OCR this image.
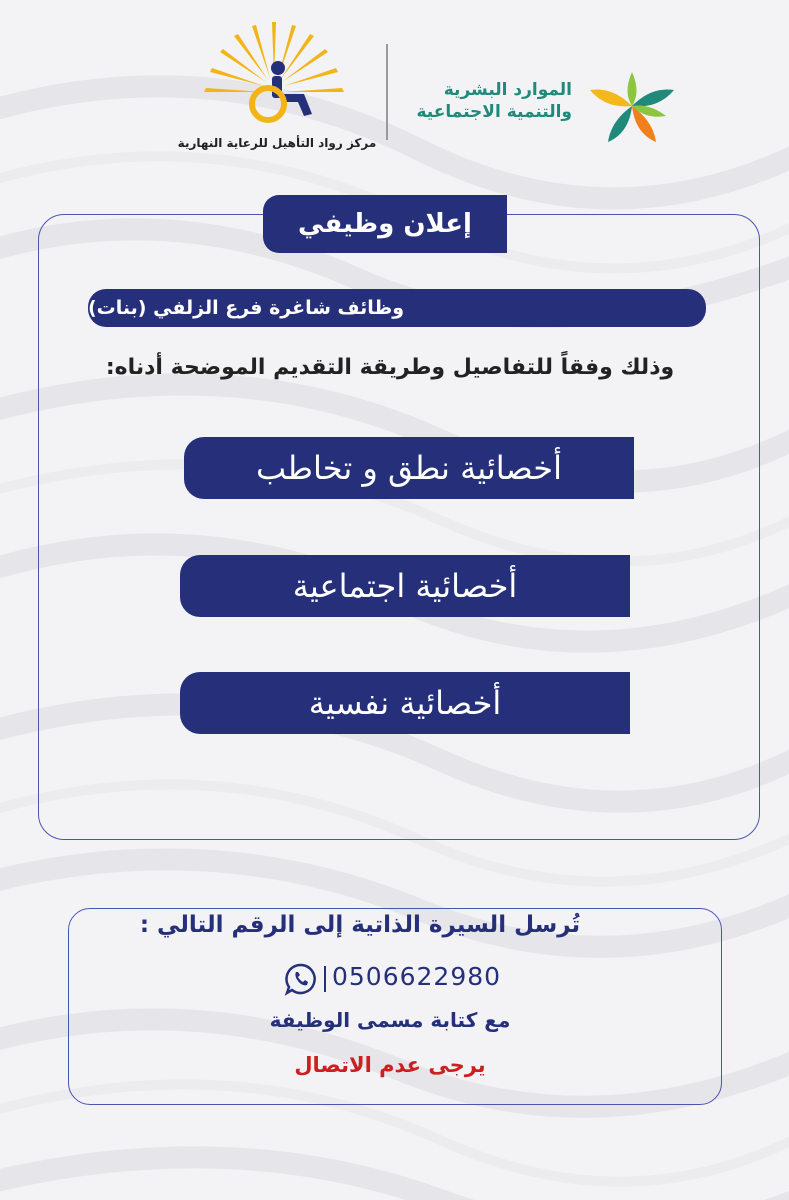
مركز رواد التأهيل للرعاية النهارية
الموارد البشرية
والتنمية الاجتماعية
إعلان وظيفي
وظائف شاغرة فرع الزلفي (بنات)
وذلك وفقاً للتفاصيل وطريقة التقديم الموضحة أدناه:
أخصائية نطق و تخاطب
أخصائية اجتماعية
أخصائية نفسية
تُرسل السيرة الذاتية إلى الرقم التالي :
0506622980
مع كتابة مسمى الوظيفة
يرجى عدم الاتصال
